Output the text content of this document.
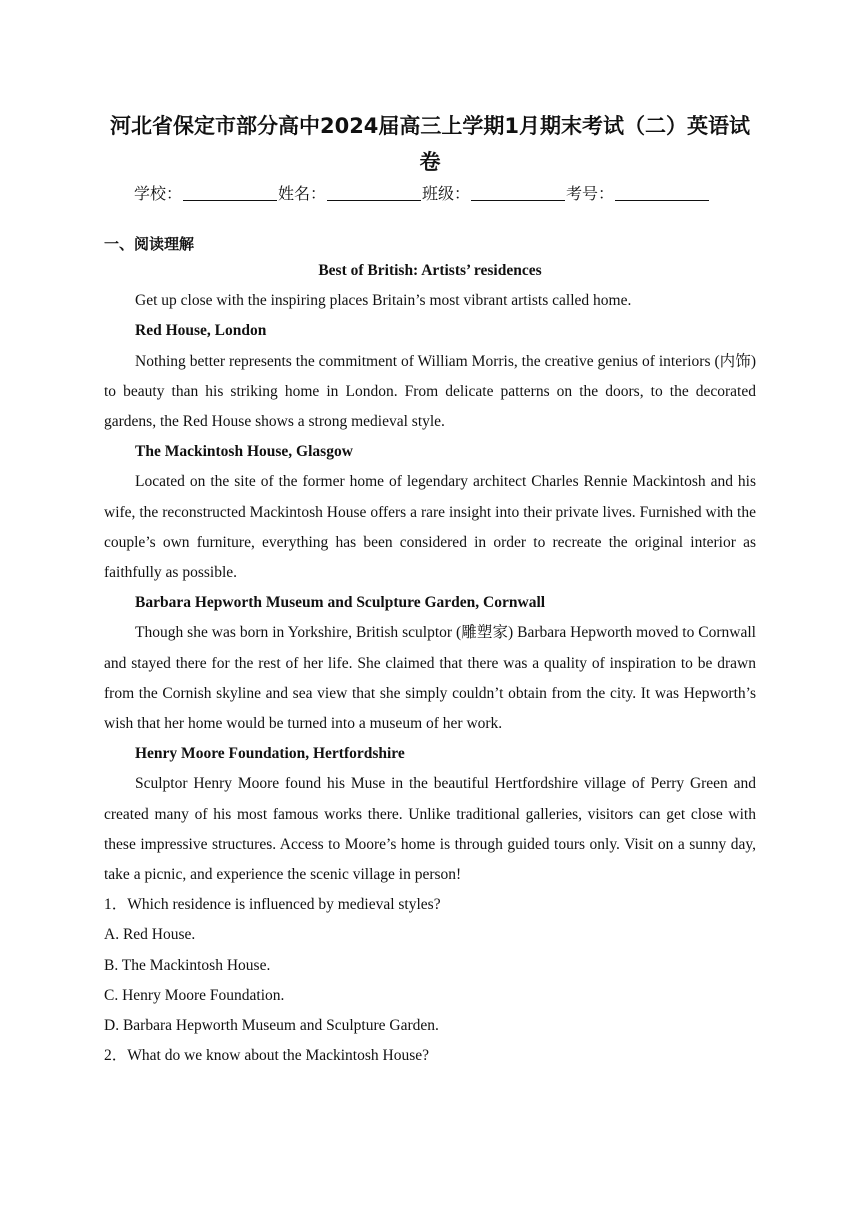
河北省保定市部分高中2024届高三上学期1月期末考试（二）英语试卷
学校：	姓名：	班级：	考号：
一、阅读理解
Best of British: Artists’ residences

Get up close with the inspiring places Britain’s most vibrant artists called home.

Red House, London

Nothing better represents the commitment of William Morris, the creative genius of interiors (内饰) to beauty than his striking home in London. From delicate patterns on the doors, to the decorated gardens, the Red House shows a strong medieval style.

The Mackintosh House, Glasgow

Located on the site of the former home of legendary architect Charles Rennie Mackintosh and his wife, the reconstructed Mackintosh House offers a rare insight into their private lives. Furnished with the couple’s own furniture, everything has been considered in order to recreate the original interior as faithfully as possible.

Barbara Hepworth Museum and Sculpture Garden, Cornwall

Though she was born in Yorkshire, British sculptor (雕塑家) Barbara Hepworth moved to Cornwall and stayed there for the rest of her life. She claimed that there was a quality of inspiration to be drawn from the Cornish skyline and sea view that she simply couldn’t obtain from the city. It was Hepworth’s wish that her home would be turned into a museum of her work.

Henry Moore Foundation, Hertfordshire

Sculptor Henry Moore found his Muse in the beautiful Hertfordshire village of Perry Green and created many of his most famous works there. Unlike traditional galleries, visitors can get close with these impressive structures. Access to Moore’s home is through guided tours only. Visit on a sunny day, take a picnic, and experience the scenic village in person!

1．Which residence is influenced by medieval styles?

A. Red House.

B. The Mackintosh House.

C. Henry Moore Foundation.

D. Barbara Hepworth Museum and Sculpture Garden.

2．What do we know about the Mackintosh House?
